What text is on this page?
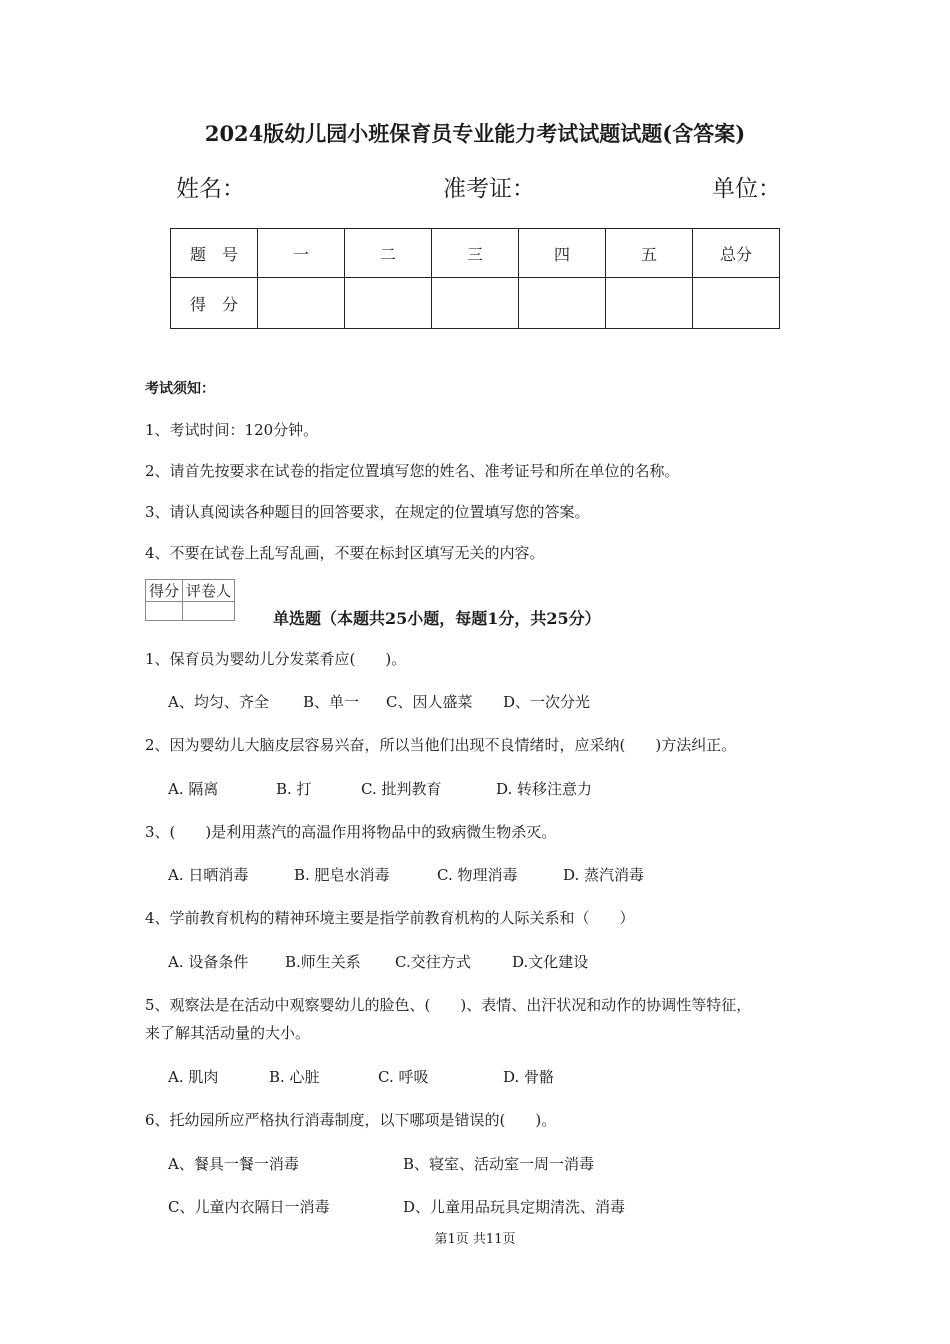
2024版幼儿园小班保育员专业能力考试试题试题(含答案)
姓名：	准考证：	单位：
题　号	一	二	三	四	五	总分
得　分						
考试须知：
1、考试时间：120分钟。
2、请首先按要求在试卷的指定位置填写您的姓名、准考证号和所在单位的名称。
3、请认真阅读各种题目的回答要求，在规定的位置填写您的答案。
4、不要在试卷上乱写乱画，不要在标封区填写无关的内容。
得分	评卷人

单选题（本题共25小题，每题1分，共25分）
1、保育员为婴幼儿分发菜肴应(　　)。
A、均匀、齐全 B、单一 C、因人盛菜 D、一次分光
2、因为婴幼儿大脑皮层容易兴奋，所以当他们出现不良情绪时，应采纳(　　)方法纠正。
A. 隔离	B. 打	C. 批判教育	D. 转移注意力
3、(　　)是利用蒸汽的高温作用将物品中的致病微生物杀灭。
A. 日晒消毒	B. 肥皂水消毒	C. 物理消毒	D. 蒸汽消毒
4、学前教育机构的精神环境主要是指学前教育机构的人际关系和（　　）
A. 设备条件 B.师生关系 C.交往方式	D.文化建设
5、观察法是在活动中观察婴幼儿的脸色、(　　)、表情、出汗状况和动作的协调性等特征，
来了解其活动量的大小。
A. 肌肉	B. 心脏	C. 呼吸	D. 骨骼
6、托幼园所应严格执行消毒制度，以下哪项是错误的(　　)。
A、餐具一餐一消毒	B、寝室、活动室一周一消毒
C、儿童内衣隔日一消毒	D、儿童用品玩具定期清洗、消毒
第1页 共11页
